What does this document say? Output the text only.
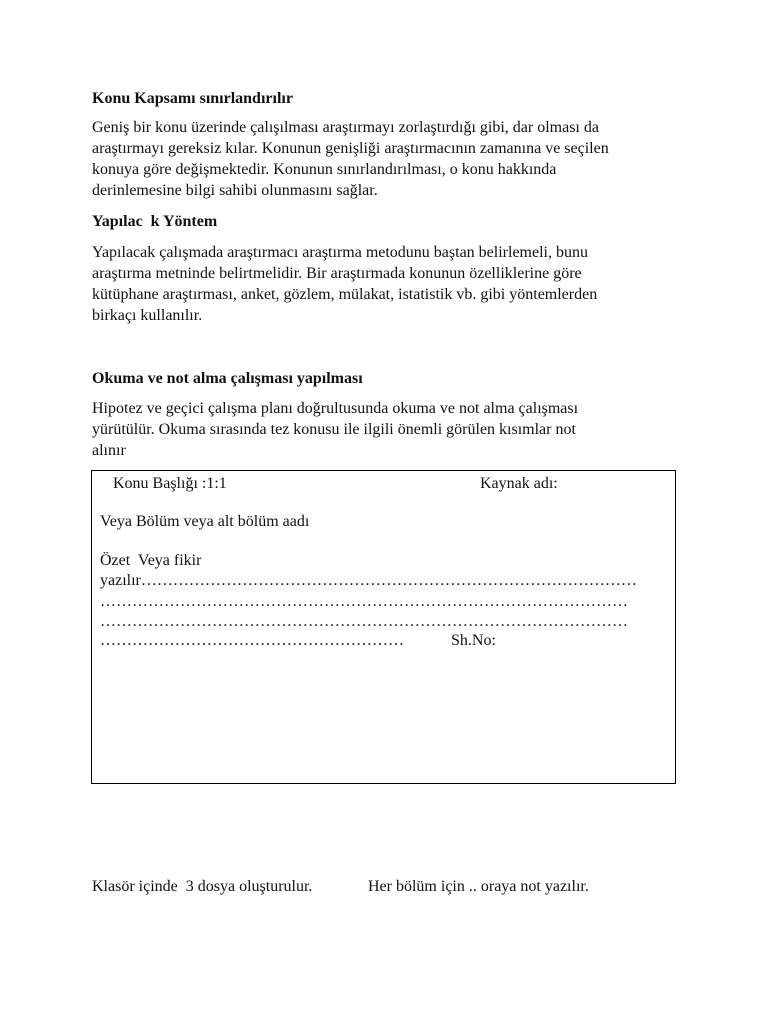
Konu Kapsamı sınırlandırılır
Geniş bir konu üzerinde çalışılması araştırmayı zorlaştırdığı gibi, dar olması da
araştırmayı gereksiz kılar. Konunun genişliği araştırmacının zamanına ve seçilen
konuya göre değişmektedir. Konunun sınırlandırılması, o konu hakkında
derinlemesine bilgi sahibi olunmasını sağlar.
Yapılac  k Yöntem
Yapılacak çalışmada araştırmacı araştırma metodunu baştan belirlemeli, bunu
araştırma metninde belirtmelidir. Bir araştırmada konunun özelliklerine göre
kütüphane araştırması, anket, gözlem, mülakat, istatistik vb. gibi yöntemlerden
birkaçı kullanılır.
Okuma ve not alma çalışması yapılması
Hipotez ve geçici çalışma planı doğrultusunda okuma ve not alma çalışması
yürütülür. Okuma sırasında tez konusu ile ilgili önemli görülen kısımlar not
alınır
Konu Başlığı :1:1	Kaynak adı:
Veya Bölüm veya alt bölüm aadı
Özet  Veya fikir
yazılır…………………………………………………………………………………
………………………………………………………………………………………
………………………………………………………………………………………
…………………………………………………	Sh.No:
Klasör içinde  3 dosya oluşturulur.	Her bölüm için .. oraya not yazılır.
